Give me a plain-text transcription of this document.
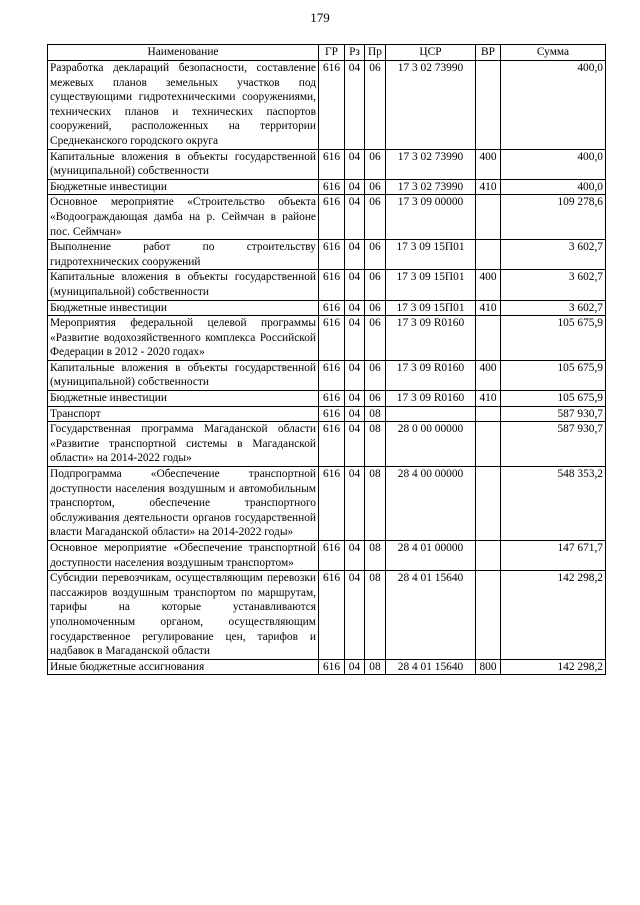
179
Наименование	ГР	Рз	Пр	ЦСР	ВР	Сумма
Разработка деклараций безопасности, составление межевых планов земельных участков под существующими гидротехническими сооружениями, технических планов и технических паспортов сооружений, расположенных на территории Среднеканского городского округа	616	04	06	17 3 02 73990		400,0
Капитальные вложения в объекты государственной (муниципальной) собственности	616	04	06	17 3 02 73990	400	400,0
Бюджетные инвестиции	616	04	06	17 3 02 73990	410	400,0
Основное мероприятие «Строительство объекта «Водоограждающая дамба на р. Сеймчан в районе пос. Сеймчан»	616	04	06	17 3 09 00000		109 278,6
Выполнение работ по строительству гидротехнических сооружений	616	04	06	17 3 09 15П01		3 602,7
Капитальные вложения в объекты государственной (муниципальной) собственности	616	04	06	17 3 09 15П01	400	3 602,7
Бюджетные инвестиции	616	04	06	17 3 09 15П01	410	3 602,7
Мероприятия федеральной целевой программы «Развитие водохозяйственного комплекса Российской Федерации в 2012 - 2020 годах»	616	04	06	17 3 09 R0160		105 675,9
Капитальные вложения в объекты государственной (муниципальной) собственности	616	04	06	17 3 09 R0160	400	105 675,9
Бюджетные инвестиции	616	04	06	17 3 09 R0160	410	105 675,9
Транспорт	616	04	08			587 930,7
Государственная программа Магаданской области «Развитие транспортной системы в Магаданской области» на 2014-2022 годы»	616	04	08	28 0 00 00000		587 930,7
Подпрограмма «Обеспечение транспортной доступности населения воздушным и автомобильным транспортом, обеспечение транспортного обслуживания деятельности органов государственной власти Магаданской области» на 2014-2022 годы»	616	04	08	28 4 00 00000		548 353,2
Основное мероприятие «Обеспечение транспортной доступности населения воздушным транспортом»	616	04	08	28 4 01 00000		147 671,7
Субсидии перевозчикам, осуществляющим перевозки пассажиров воздушным транспортом по маршрутам, тарифы на которые устанавливаются уполномоченным органом, осуществляющим государственное регулирование цен, тарифов и надбавок в Магаданской области	616	04	08	28 4 01 15640		142 298,2
Иные бюджетные ассигнования	616	04	08	28 4 01 15640	800	142 298,2
